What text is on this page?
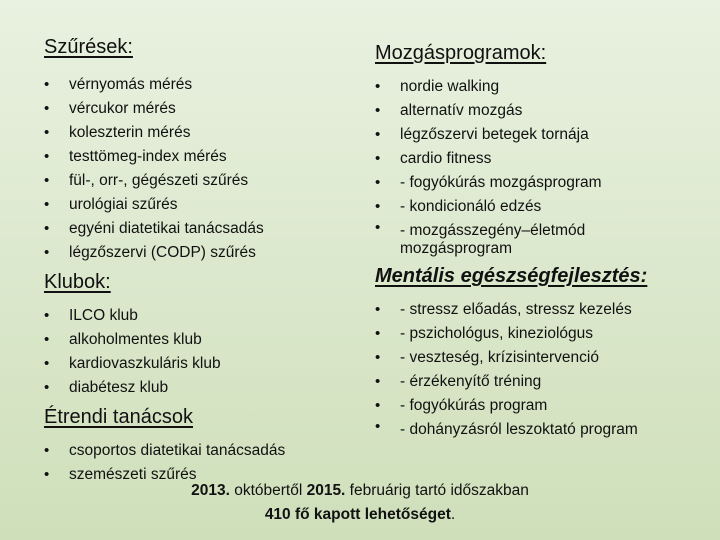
Szűrések:
• vérnyomás mérés
• vércukor mérés
• koleszterin mérés
• testtömeg-index mérés
• fül-, orr-, gégészeti szűrés
• urológiai szűrés
• egyéni diatetikai tanácsadás
• légzőszervi (CODP) szűrés
Klubok:
• ILCO klub
• alkoholmentes klub
• kardiovaszkuláris klub
• diabétesz klub
Étrendi tanácsok
• csoportos diatetikai tanácsadás
• szemészeti szűrés
Mozgásprogramok:
• nordie walking
• alternatív mozgás
• légzőszervi betegek tornája
• cardio fitness
• - fogyókúrás mozgásprogram
• - kondicionáló edzés
• - mozgásszegény–életmód mozgásprogram
Mentális egészségfejlesztés:
• - stressz előadás, stressz kezelés
• - pszichológus, kineziológus
• - veszteség, krízisintervenció
• - érzékenyítő tréning
• - fogyókúrás program
• - dohányzásról leszoktató program
2013. októbertől 2015. februárig tartó időszakban
410 fő kapott lehetőséget.
